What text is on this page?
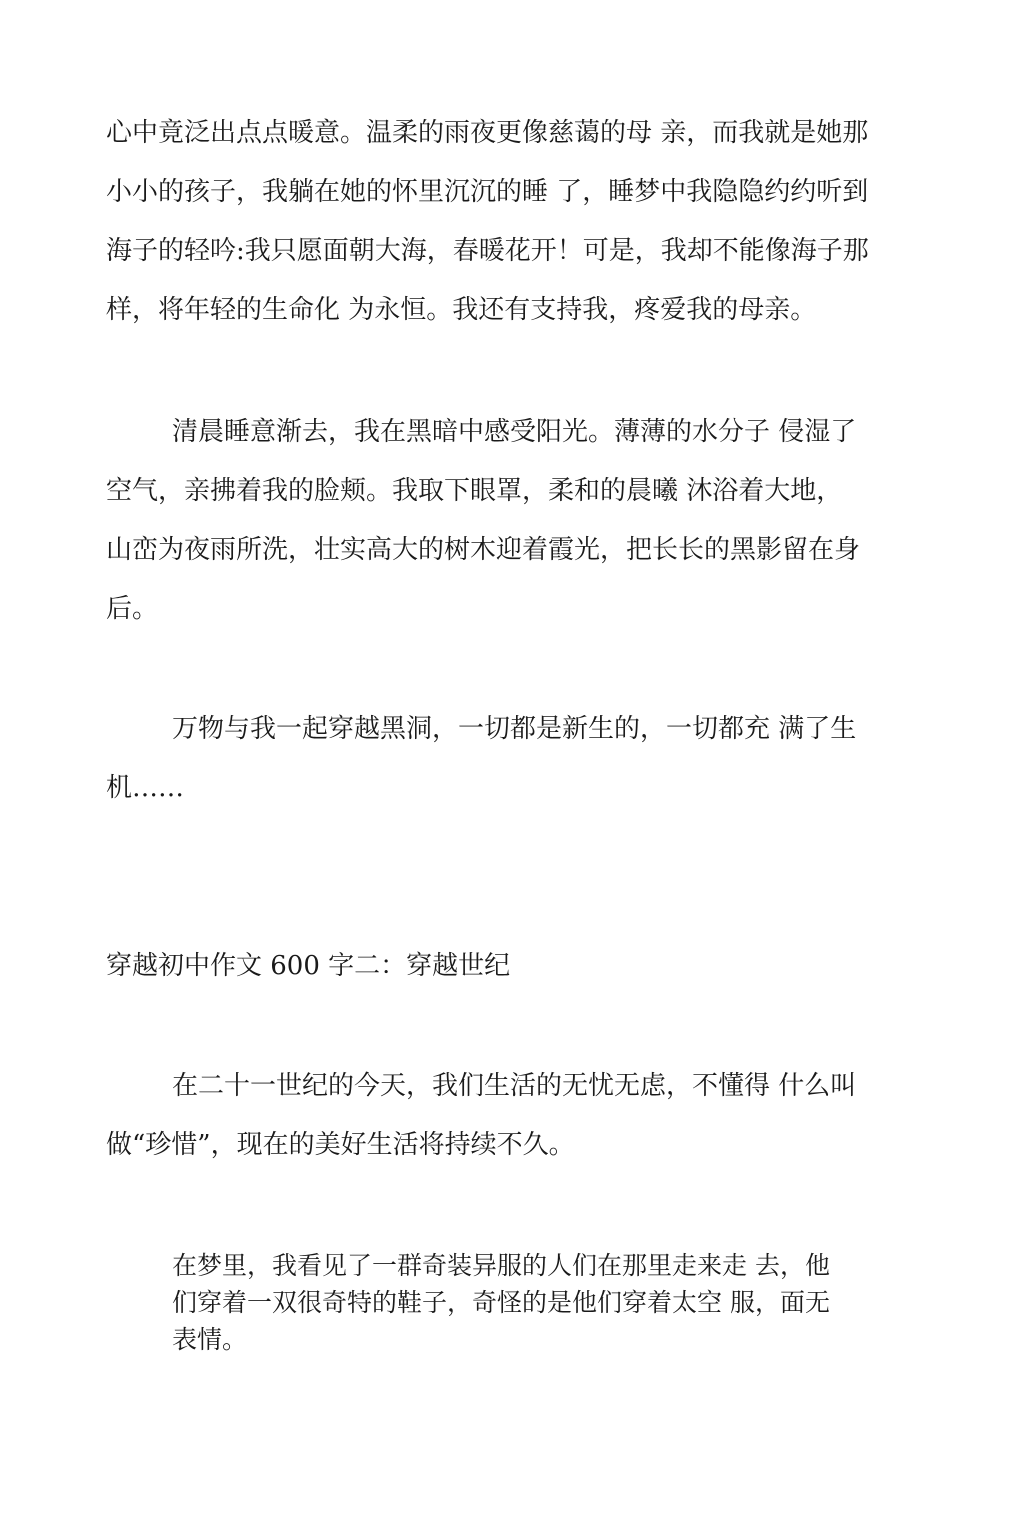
心中竟泛出点点暖意。温柔的雨夜更像慈蔼的母 亲，而我就是她那
小小的孩子，我躺在她的怀里沉沉的睡 了，睡梦中我隐隐约约听到
海子的轻吟:我只愿面朝大海，春暖花开！可是，我却不能像海子那
样，将年轻的生命化 为永恒。我还有支持我，疼爱我的母亲。
清晨睡意渐去，我在黑暗中感受阳光。薄薄的水分子 侵湿了
空气，亲拂着我的脸颊。我取下眼罩，柔和的晨曦 沐浴着大地，
山峦为夜雨所洗，壮实高大的树木迎着霞光，把长长的黑影留在身
后。
万物与我一起穿越黑洞，一切都是新生的，一切都充 满了生
机……
穿越初中作文 600 字二：穿越世纪
在二十一世纪的今天，我们生活的无忧无虑，不懂得 什么叫
做“珍惜”，现在的美好生活将持续不久。
在梦里，我看见了一群奇装异服的人们在那里走来走 去，他
们穿着一双很奇特的鞋子，奇怪的是他们穿着太空 服，面无
表情。
